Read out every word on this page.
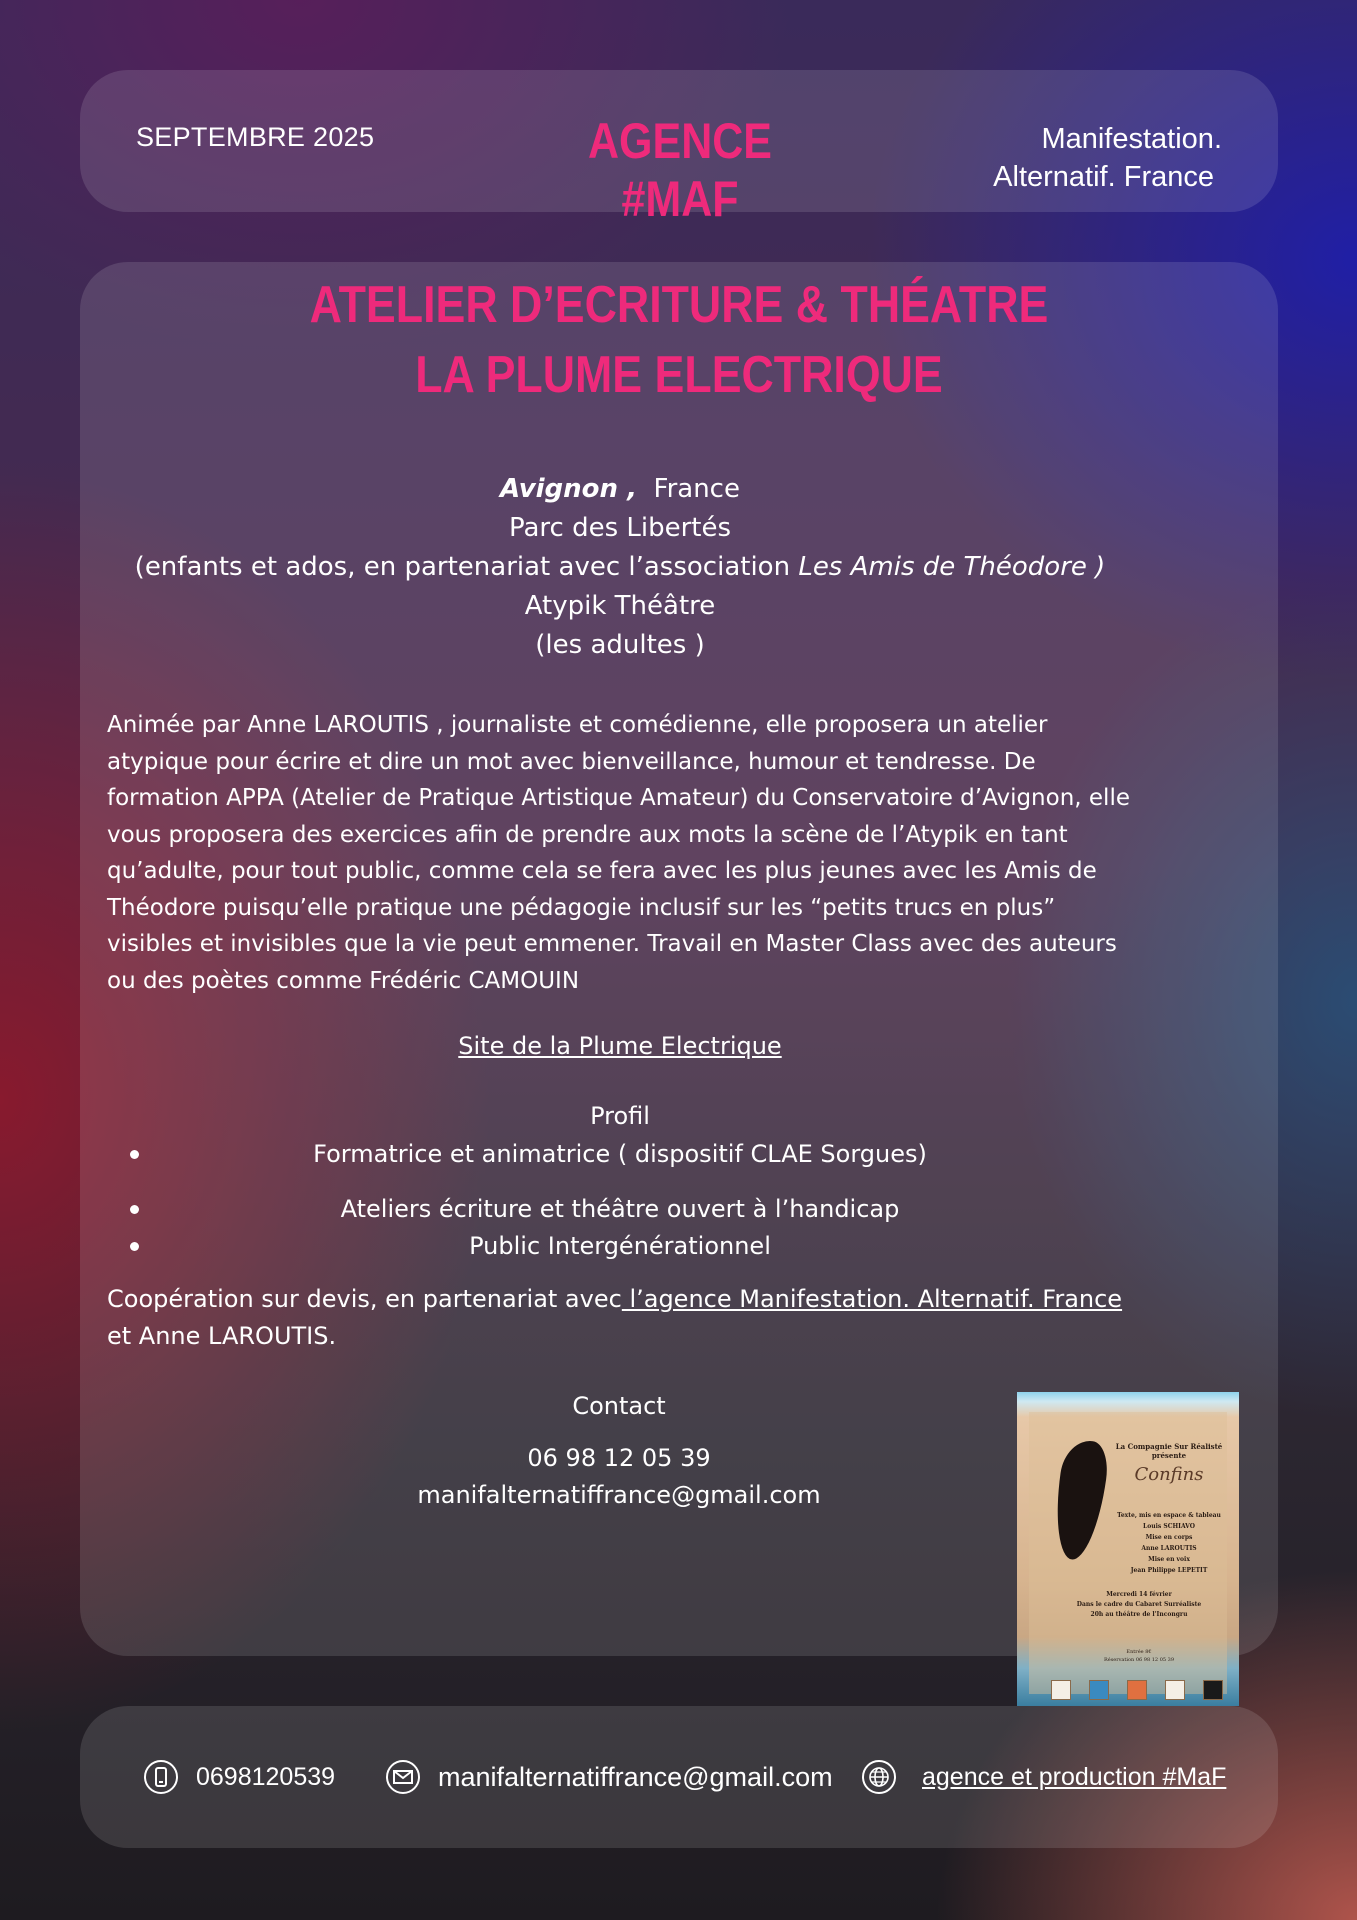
SEPTEMBRE 2025	AGENCE #MAF
Manifestation.
Alternatif. France
ATELIER D’ECRITURE & THÉATRE
LA PLUME ELECTRIQUE
Avignon , France
Parc des Libertés
(enfants et ados, en partenariat avec l’association Les Amis de Théodore )
Atypik Théâtre
(les adultes )
Animée par Anne LAROUTIS , journaliste et comédienne, elle proposera un atelier atypique pour écrire et dire un mot avec bienveillance, humour et tendresse. De formation APPA (Atelier de Pratique Artistique Amateur) du Conservatoire d’Avignon, elle vous proposera des exercices afin de prendre aux mots la scène de l’Atypik en tant qu’adulte, pour tout public, comme cela se fera avec les plus jeunes avec les Amis de Théodore puisqu’elle pratique une pédagogie inclusif sur les “petits trucs en plus” visibles et invisibles que la vie peut emmener. Travail en Master Class avec des auteurs ou des poètes comme Frédéric CAMOUIN
Site de la Plume Electrique
Profil
Formatrice et animatrice ( dispositif CLAE Sorgues)
Ateliers écriture et théâtre ouvert à l’handicap
Public Intergénérationnel
Coopération sur devis, en partenariat avec l’agence Manifestation. Alternatif. France
et Anne LAROUTIS.
Contact
06 98 12 05 39
manifalternatiffrance@gmail.com
La Compagnie Sur Réalisté présente
Confins
Texte, mis en espace & tableau
Louis SCHIAVO
Mise en corps
Anne LAROUTIS
Mise en voix
Jean Philippe LEPETIT
Mercredi 14 février
Dans le cadre du Cabaret Surréaliste
20h au théâtre de l'Incongru
Entrée 8€
Réservation 06 98 12 05 39
0698120539	manifalternatiffrance@gmail.com	agence et production #MaF
